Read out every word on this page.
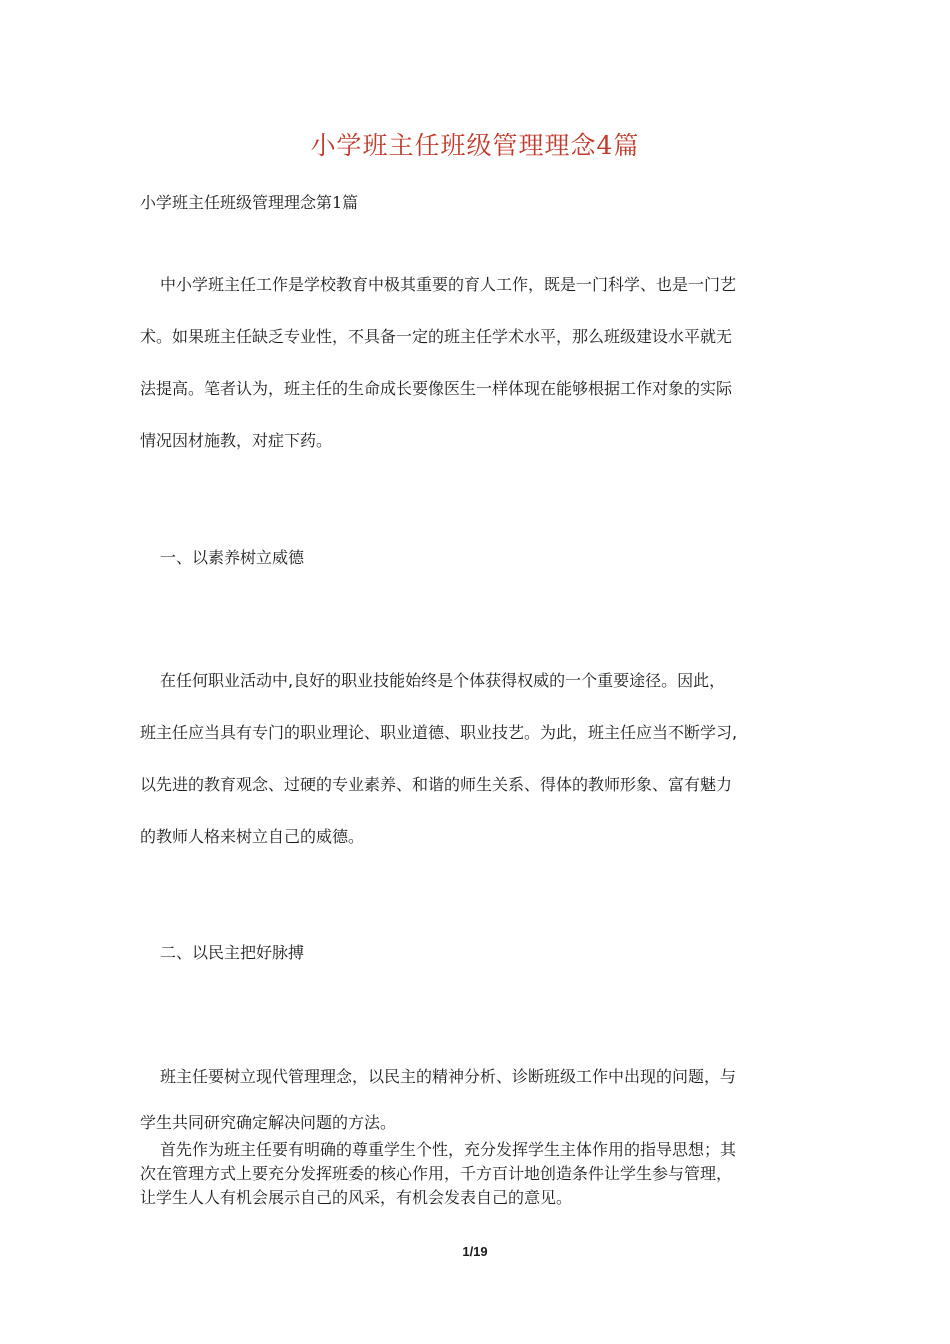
小学班主任班级管理理念4篇
小学班主任班级管理理念第1篇
中小学班主任工作是学校教育中极其重要的育人工作，既是一门科学、也是一门艺
术。如果班主任缺乏专业性，不具备一定的班主任学术水平，那么班级建设水平就无
法提高。笔者认为，班主任的生命成长要像医生一样体现在能够根据工作对象的实际
情况因材施教，对症下药。
一、以素养树立威德
在任何职业活动中,良好的职业技能始终是个体获得权威的一个重要途径。因此，
班主任应当具有专门的职业理论、职业道德、职业技艺。为此，班主任应当不断学习,
以先进的教育观念、过硬的专业素养、和谐的师生关系、得体的教师形象、富有魅力
的教师人格来树立自己的威德。
二、以民主把好脉搏
班主任要树立现代管理理念，以民主的精神分析、诊断班级工作中出现的问题，与
学生共同研究确定解决问题的方法。
首先作为班主任要有明确的尊重学生个性，充分发挥学生主体作用的指导思想；其
次在管理方式上要充分发挥班委的核心作用，千方百计地创造条件让学生参与管理，
让学生人人有机会展示自己的风采，有机会发表自己的意见。
1/19
